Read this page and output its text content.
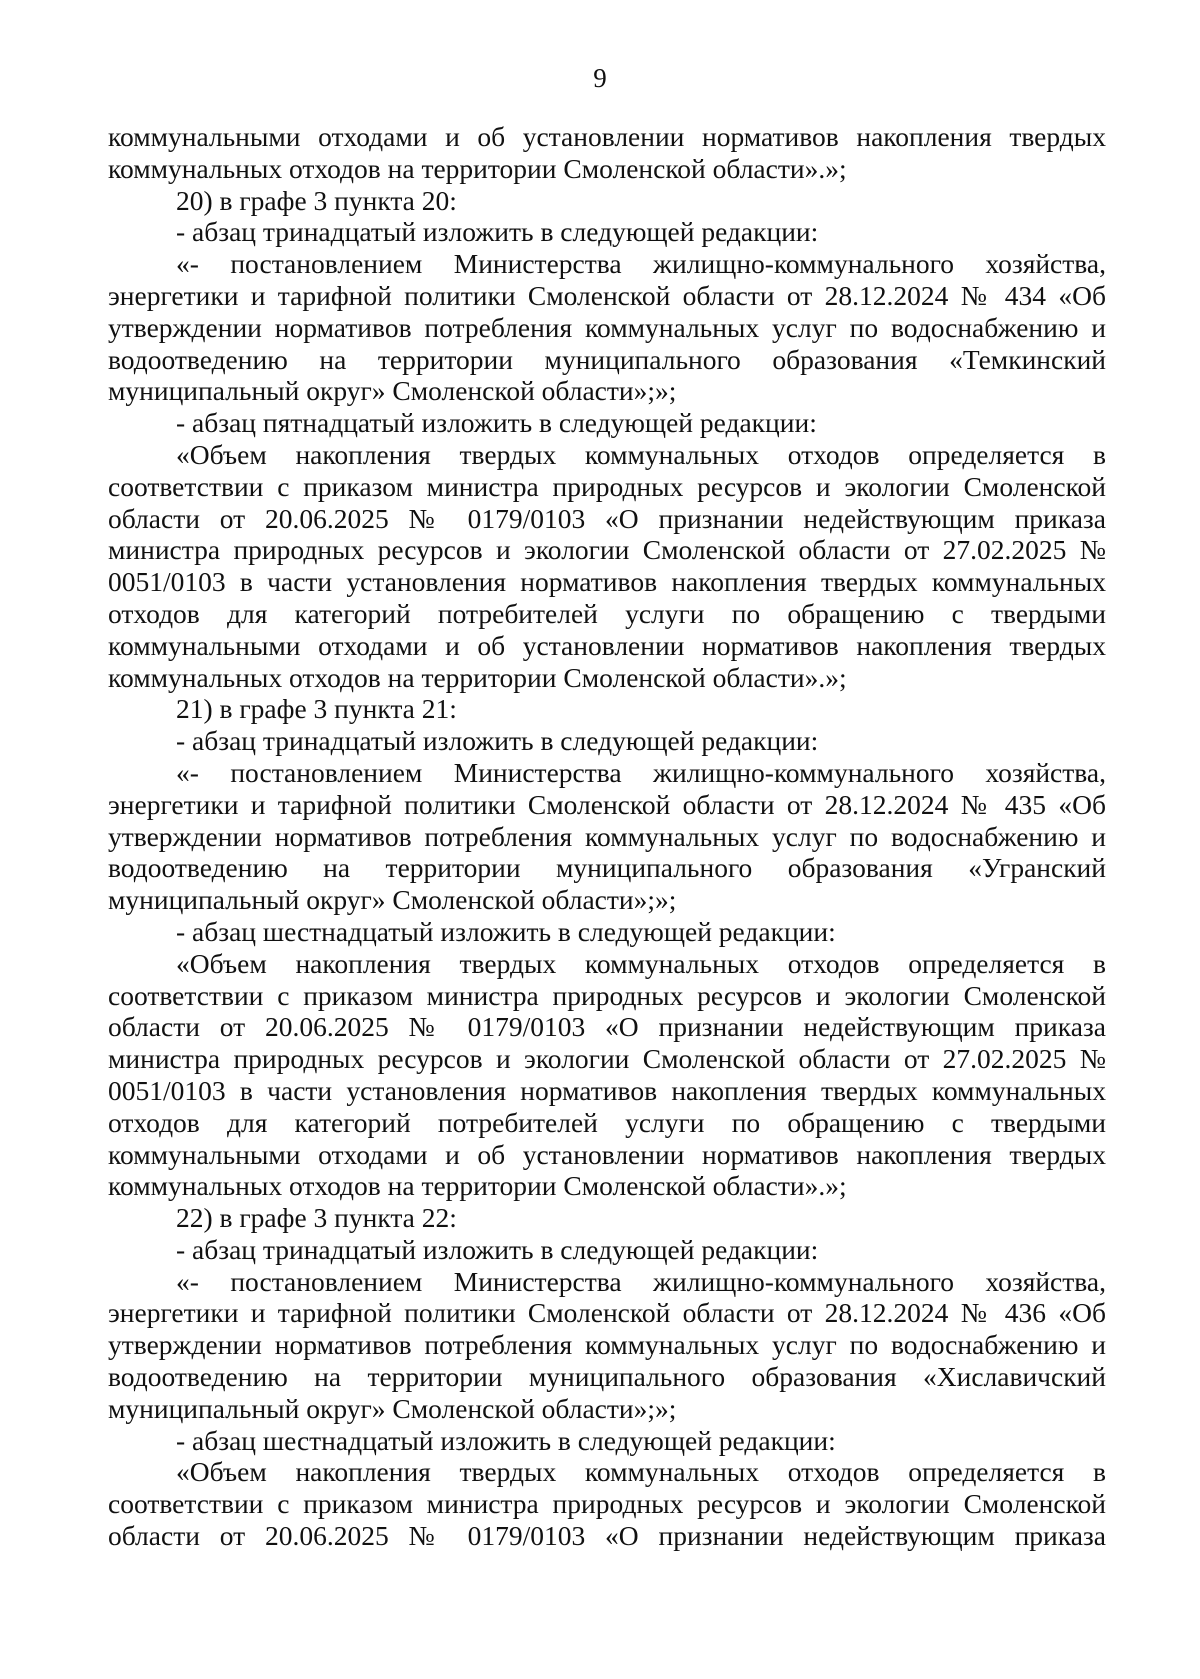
9

коммунальными отходами и об установлении нормативов накопления твердых коммунальных отходов на территории Смоленской области».»;

20) в графе 3 пункта 20:

- абзац тринадцатый изложить в следующей редакции:

«- постановлением Министерства жилищно-коммунального хозяйства, энергетики и тарифной политики Смоленской области от 28.12.2024 № 434 «Об утверждении нормативов потребления коммунальных услуг по водоснабжению и водоотведению на территории муниципального образования «Темкинский муниципальный округ» Смоленской области»;»;

- абзац пятнадцатый изложить в следующей редакции:

«Объем накопления твердых коммунальных отходов определяется в соответствии с приказом министра природных ресурсов и экологии Смоленской области от 20.06.2025 № 0179/0103 «О признании недействующим приказа министра природных ресурсов и экологии Смоленской области от 27.02.2025 № 0051/0103 в части установления нормативов накопления твердых коммунальных отходов для категорий потребителей услуги по обращению с твердыми коммунальными отходами и об установлении нормативов накопления твердых коммунальных отходов на территории Смоленской области».»;

21) в графе 3 пункта 21:

- абзац тринадцатый изложить в следующей редакции:

«- постановлением Министерства жилищно-коммунального хозяйства, энергетики и тарифной политики Смоленской области от 28.12.2024 № 435 «Об утверждении нормативов потребления коммунальных услуг по водоснабжению и водоотведению на территории муниципального образования «Угранский муниципальный округ» Смоленской области»;»;

- абзац шестнадцатый изложить в следующей редакции:

«Объем накопления твердых коммунальных отходов определяется в соответствии с приказом министра природных ресурсов и экологии Смоленской области от 20.06.2025 № 0179/0103 «О признании недействующим приказа министра природных ресурсов и экологии Смоленской области от 27.02.2025 № 0051/0103 в части установления нормативов накопления твердых коммунальных отходов для категорий потребителей услуги по обращению с твердыми коммунальными отходами и об установлении нормативов накопления твердых коммунальных отходов на территории Смоленской области».»;

22) в графе 3 пункта 22:

- абзац тринадцатый изложить в следующей редакции:

«- постановлением Министерства жилищно-коммунального хозяйства, энергетики и тарифной политики Смоленской области от 28.12.2024 № 436 «Об утверждении нормативов потребления коммунальных услуг по водоснабжению и водоотведению на территории муниципального образования «Хиславичский муниципальный округ» Смоленской области»;»;

- абзац шестнадцатый изложить в следующей редакции:

«Объем накопления твердых коммунальных отходов определяется в соответствии с приказом министра природных ресурсов и экологии Смоленской области от 20.06.2025 № 0179/0103 «О признании недействующим приказа
